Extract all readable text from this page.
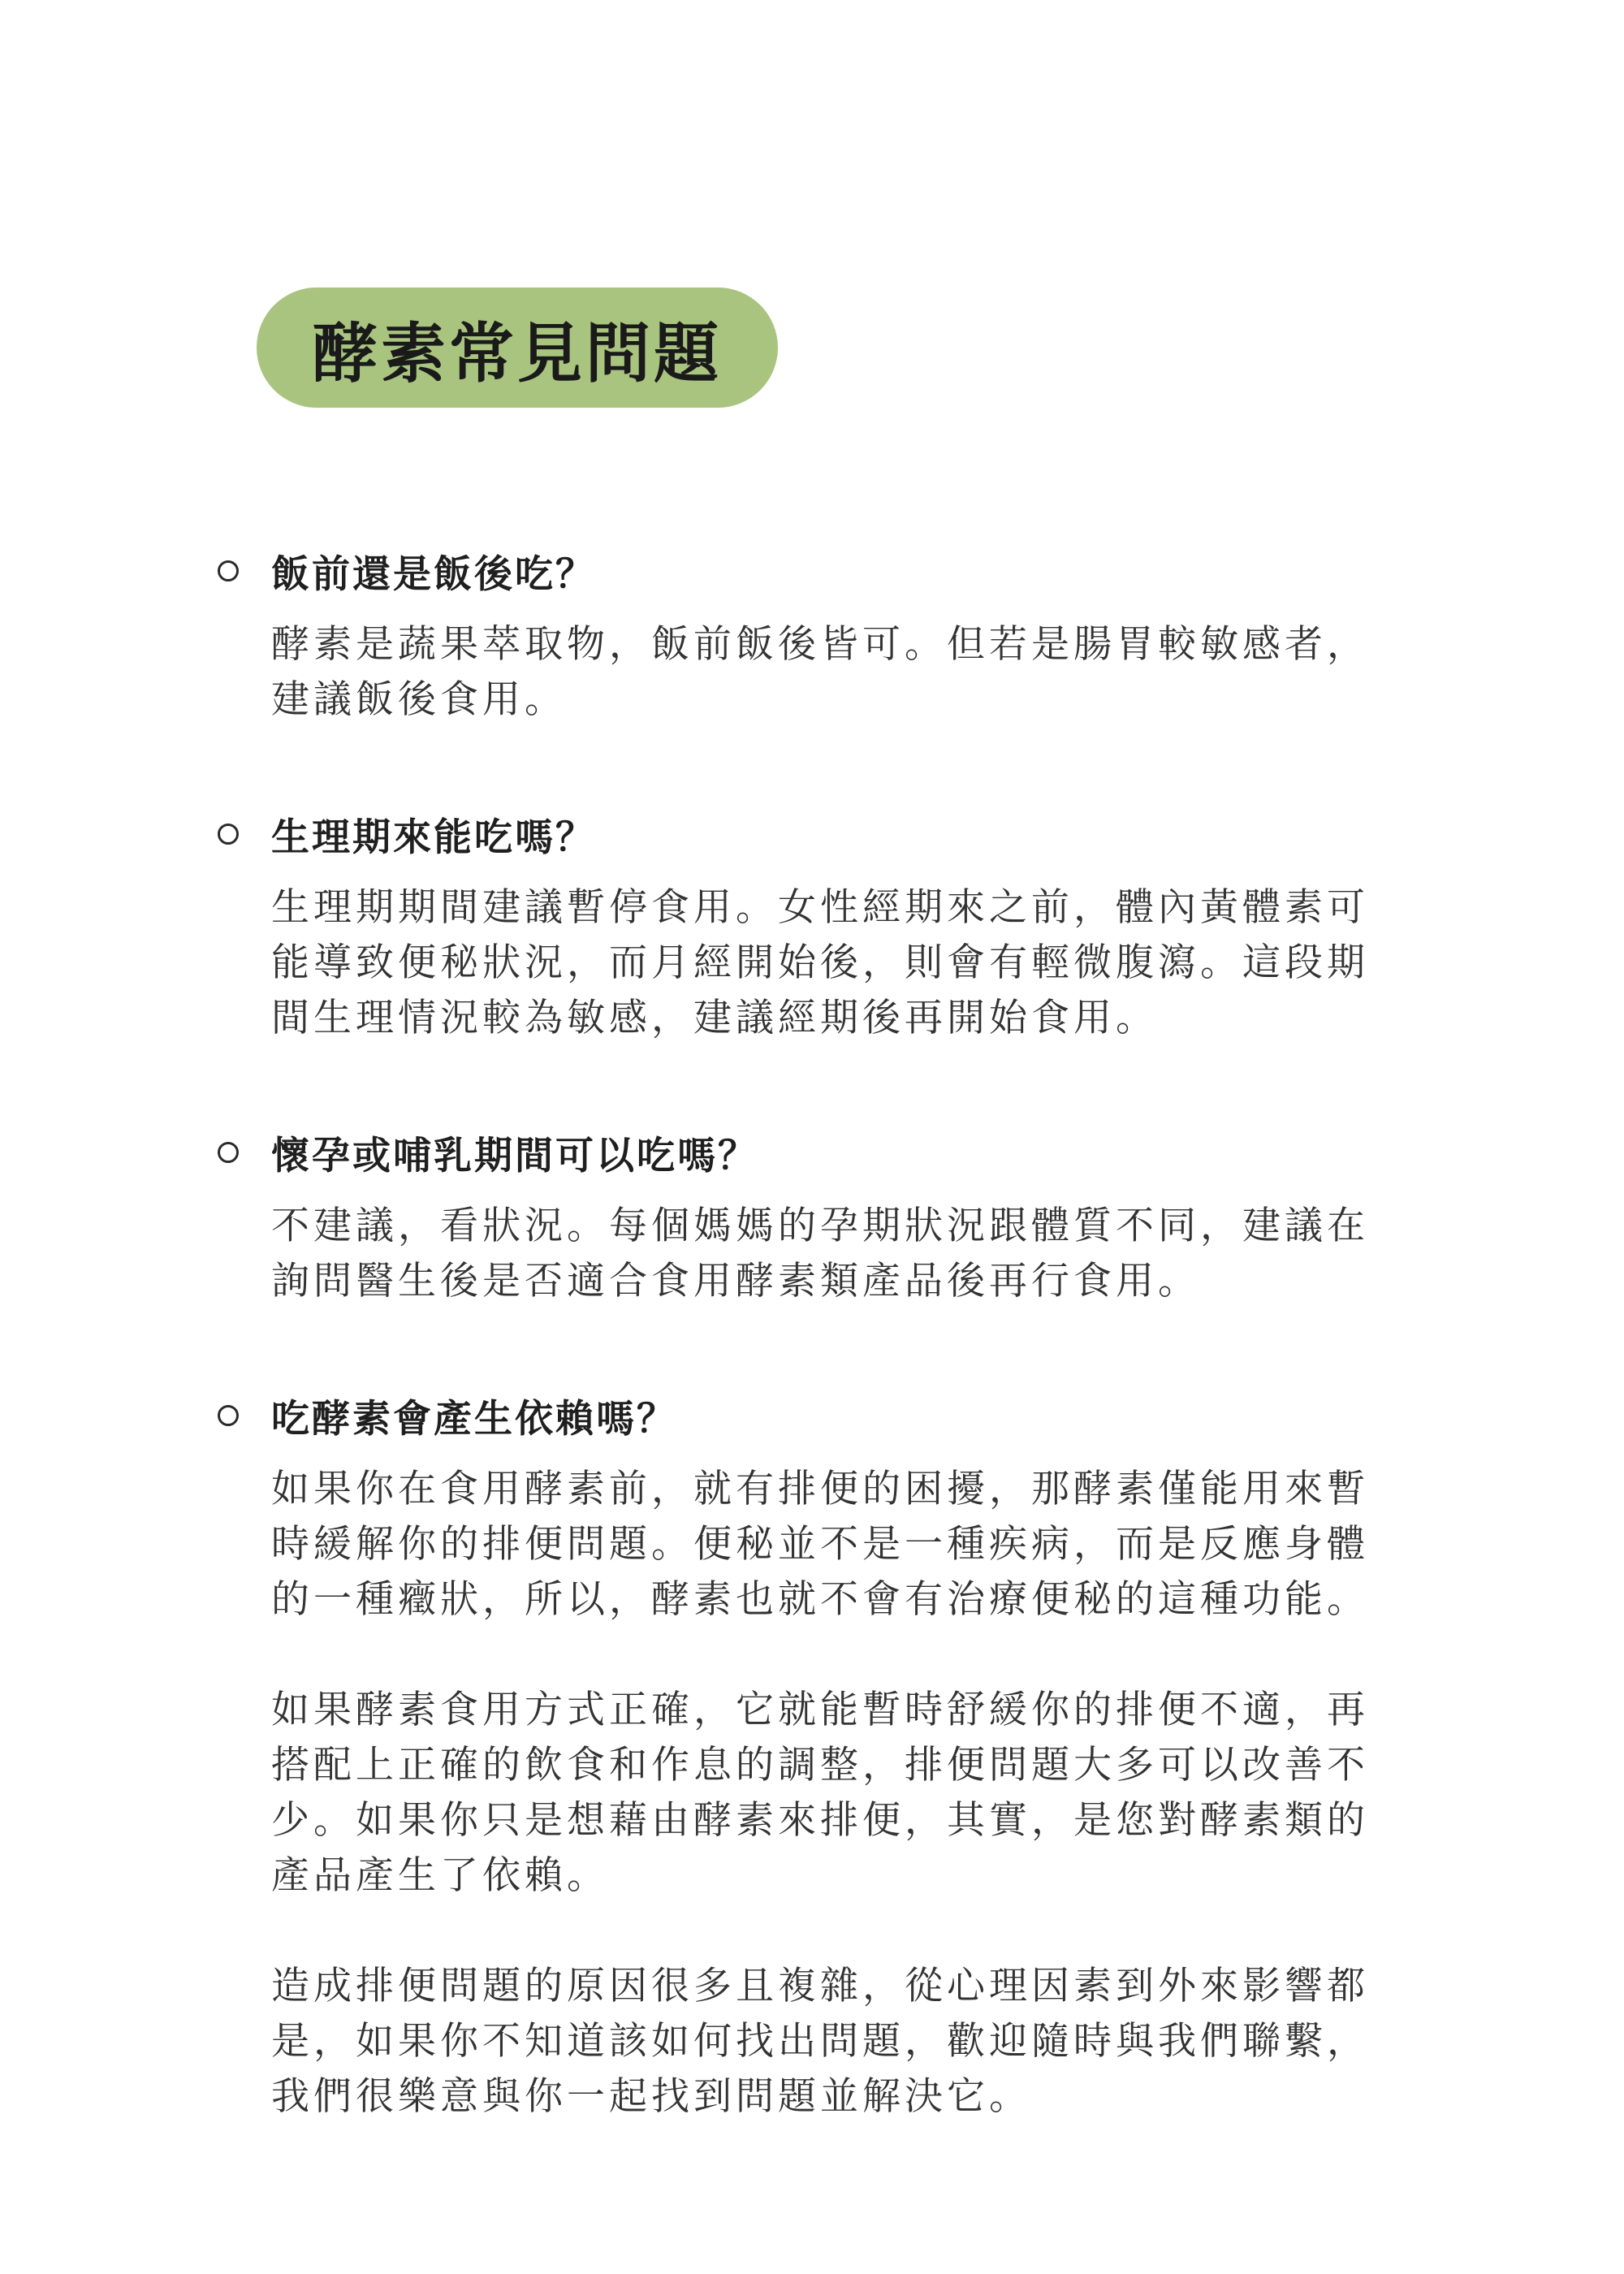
酵素常見問題
飯前還是飯後吃？

酵素是蔬果萃取物，飯前飯後皆可。但若是腸胃較敏感者，建議飯後食用。

生理期來能吃嗎？

生理期期間建議暫停食用。女性經期來之前，體內黃體素可能導致便秘狀況，而月經開始後，則會有輕微腹瀉。這段期間生理情況較為敏感，建議經期後再開始食用。

懷孕或哺乳期間可以吃嗎？

不建議，看狀況。每個媽媽的孕期狀況跟體質不同，建議在詢問醫生後是否適合食用酵素類產品後再行食用。

吃酵素會產生依賴嗎？

如果你在食用酵素前，就有排便的困擾，那酵素僅能用來暫時緩解你的排便問題。便秘並不是一種疾病，而是反應身體的一種癥狀，所以，酵素也就不會有治療便秘的這種功能。

如果酵素食用方式正確，它就能暫時舒緩你的排便不適，再搭配上正確的飲食和作息的調整，排便問題大多可以改善不少。如果你只是想藉由酵素來排便，其實，是您對酵素類的產品產生了依賴。

造成排便問題的原因很多且複雜，從心理因素到外來影響都是，如果你不知道該如何找出問題，歡迎隨時與我們聯繫，我們很樂意與你一起找到問題並解決它。
